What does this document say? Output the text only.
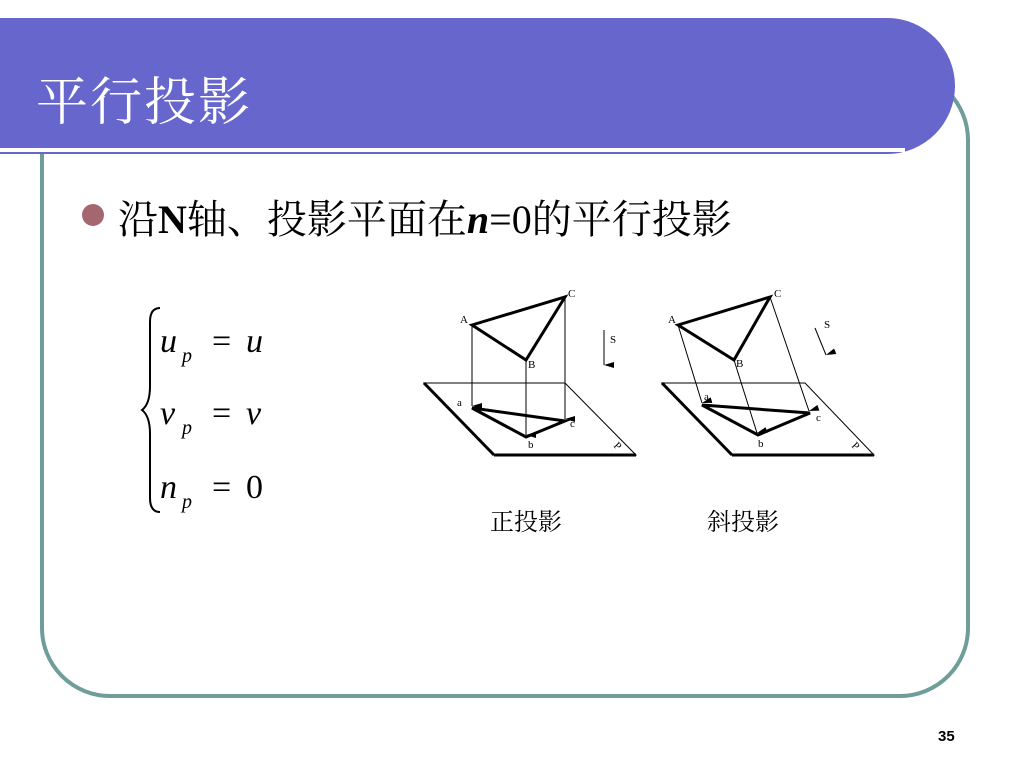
平行投影

沿N轴、投影平面在n=0的平行投影

u p = u
v p = v
n p = 0
A
B
C
a
b
c
S
P
A
B
C
a
b
c
S
P
正投影	斜投影
35
